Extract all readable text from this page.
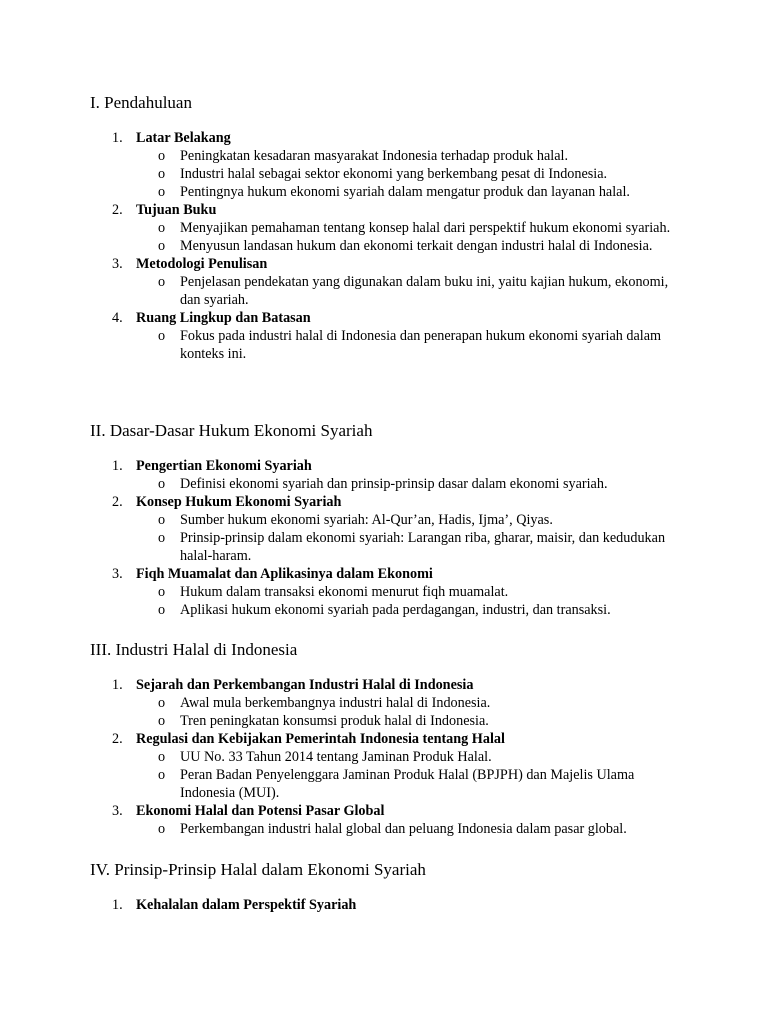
I. Pendahuluan
1. Latar Belakang
o Peningkatan kesadaran masyarakat Indonesia terhadap produk halal.
o Industri halal sebagai sektor ekonomi yang berkembang pesat di Indonesia.
o Pentingnya hukum ekonomi syariah dalam mengatur produk dan layanan halal.
2. Tujuan Buku
o Menyajikan pemahaman tentang konsep halal dari perspektif hukum ekonomi syariah.
o Menyusun landasan hukum dan ekonomi terkait dengan industri halal di Indonesia.
3. Metodologi Penulisan
o Penjelasan pendekatan yang digunakan dalam buku ini, yaitu kajian hukum, ekonomi, dan syariah.
4. Ruang Lingkup dan Batasan
o Fokus pada industri halal di Indonesia dan penerapan hukum ekonomi syariah dalam konteks ini.
II. Dasar-Dasar Hukum Ekonomi Syariah
1. Pengertian Ekonomi Syariah
o Definisi ekonomi syariah dan prinsip-prinsip dasar dalam ekonomi syariah.
2. Konsep Hukum Ekonomi Syariah
o Sumber hukum ekonomi syariah: Al-Qur’an, Hadis, Ijma’, Qiyas.
o Prinsip-prinsip dalam ekonomi syariah: Larangan riba, gharar, maisir, dan kedudukan halal-haram.
3. Fiqh Muamalat dan Aplikasinya dalam Ekonomi
o Hukum dalam transaksi ekonomi menurut fiqh muamalat.
o Aplikasi hukum ekonomi syariah pada perdagangan, industri, dan transaksi.
III. Industri Halal di Indonesia
1. Sejarah dan Perkembangan Industri Halal di Indonesia
o Awal mula berkembangnya industri halal di Indonesia.
o Tren peningkatan konsumsi produk halal di Indonesia.
2. Regulasi dan Kebijakan Pemerintah Indonesia tentang Halal
o UU No. 33 Tahun 2014 tentang Jaminan Produk Halal.
o Peran Badan Penyelenggara Jaminan Produk Halal (BPJPH) dan Majelis Ulama Indonesia (MUI).
3. Ekonomi Halal dan Potensi Pasar Global
o Perkembangan industri halal global dan peluang Indonesia dalam pasar global.
IV. Prinsip-Prinsip Halal dalam Ekonomi Syariah
1. Kehalalan dalam Perspektif Syariah
